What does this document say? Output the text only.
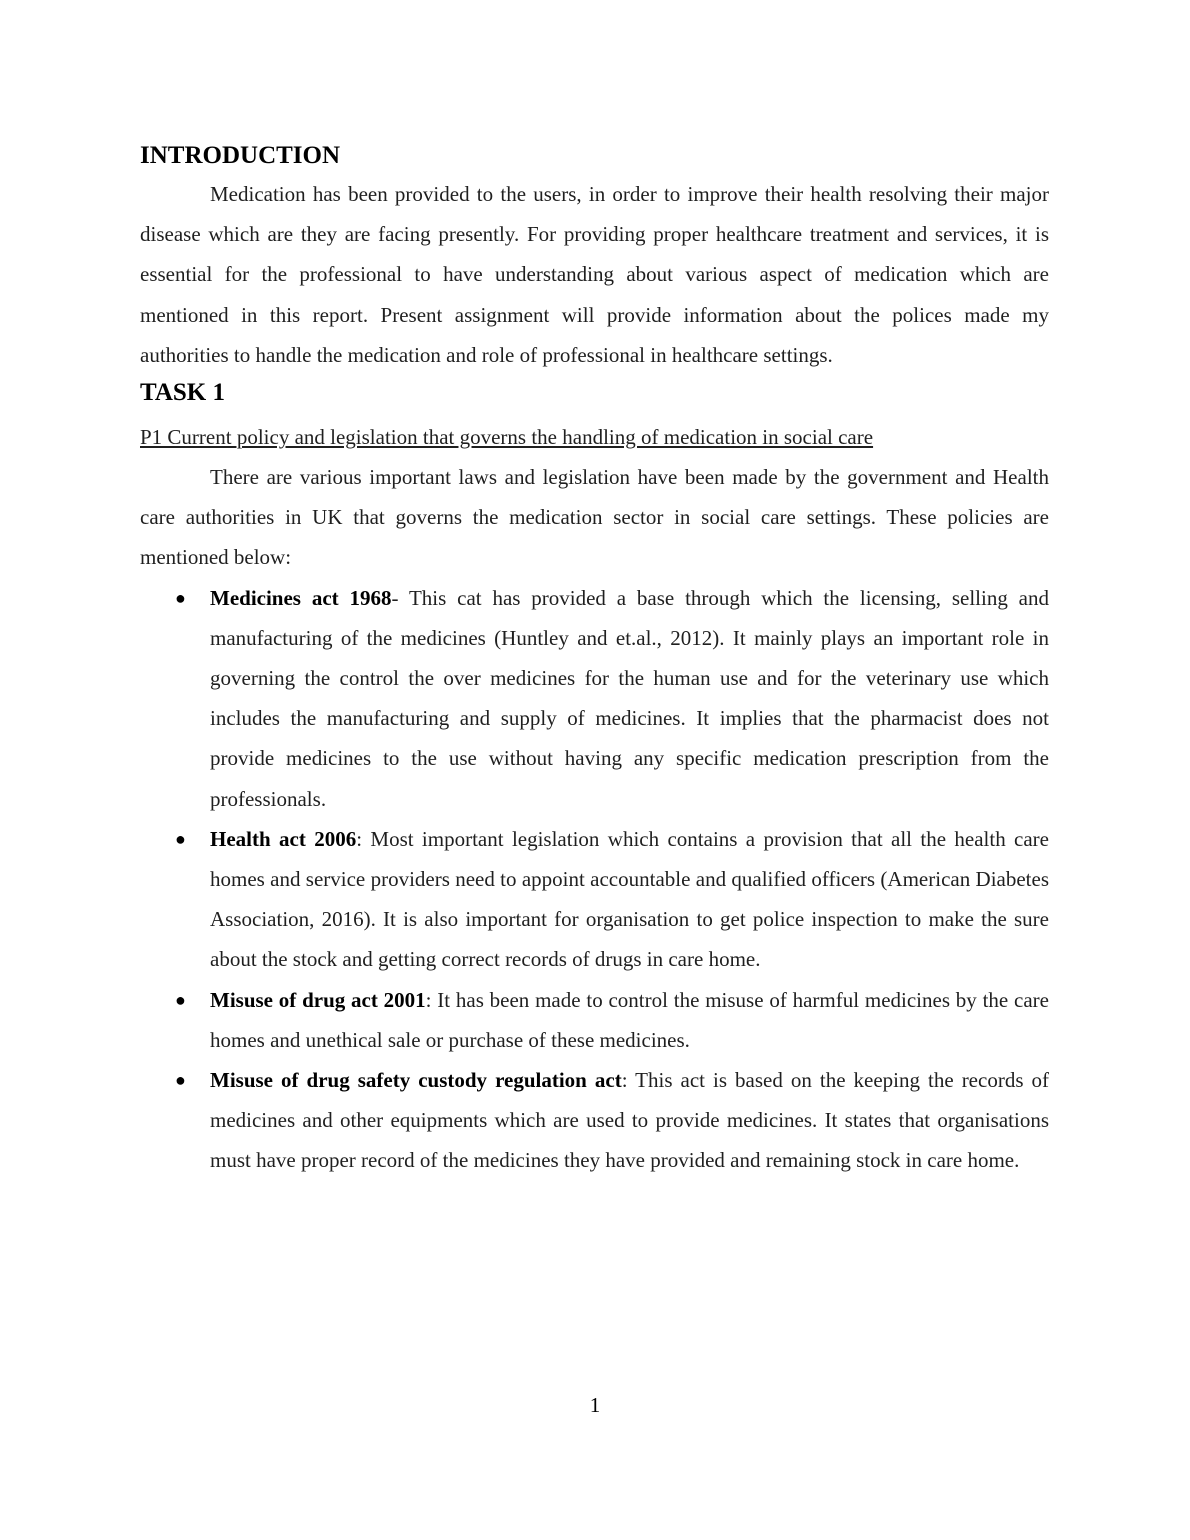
INTRODUCTION

Medication has been provided to the users, in order to improve their health resolving their major disease which are they are facing presently. For providing proper healthcare treatment and services, it is essential for the professional to have understanding about various aspect of medication which are mentioned in this report. Present assignment will provide information about the polices made my authorities to handle the medication and role of professional in healthcare settings.

TASK 1

P1 Current policy and legislation that governs the handling of medication in social care

There are various important laws and legislation have been made by the government and Health care authorities in UK that governs the medication sector in social care settings. These policies are mentioned below:

● Medicines act 1968- This cat has provided a base through which the licensing, selling and manufacturing of the medicines (Huntley and et.al., 2012). It mainly plays an important role in governing the control the over medicines for the human use and for the veterinary use which includes the manufacturing and supply of medicines. It implies that the pharmacist does not provide medicines to the use without having any specific medication prescription from the professionals.
● Health act 2006: Most important legislation which contains a provision that all the health care homes and service providers need to appoint accountable and qualified officers (American Diabetes Association, 2016). It is also important for organisation to get police inspection to make the sure about the stock and getting correct records of drugs in care home.
● Misuse of drug act 2001: It has been made to control the misuse of harmful medicines by the care homes and unethical sale or purchase of these medicines.
● Misuse of drug safety custody regulation act: This act is based on the keeping the records of medicines and other equipments which are used to provide medicines. It states that organisations must have proper record of the medicines they have provided and remaining stock in care home.
1
